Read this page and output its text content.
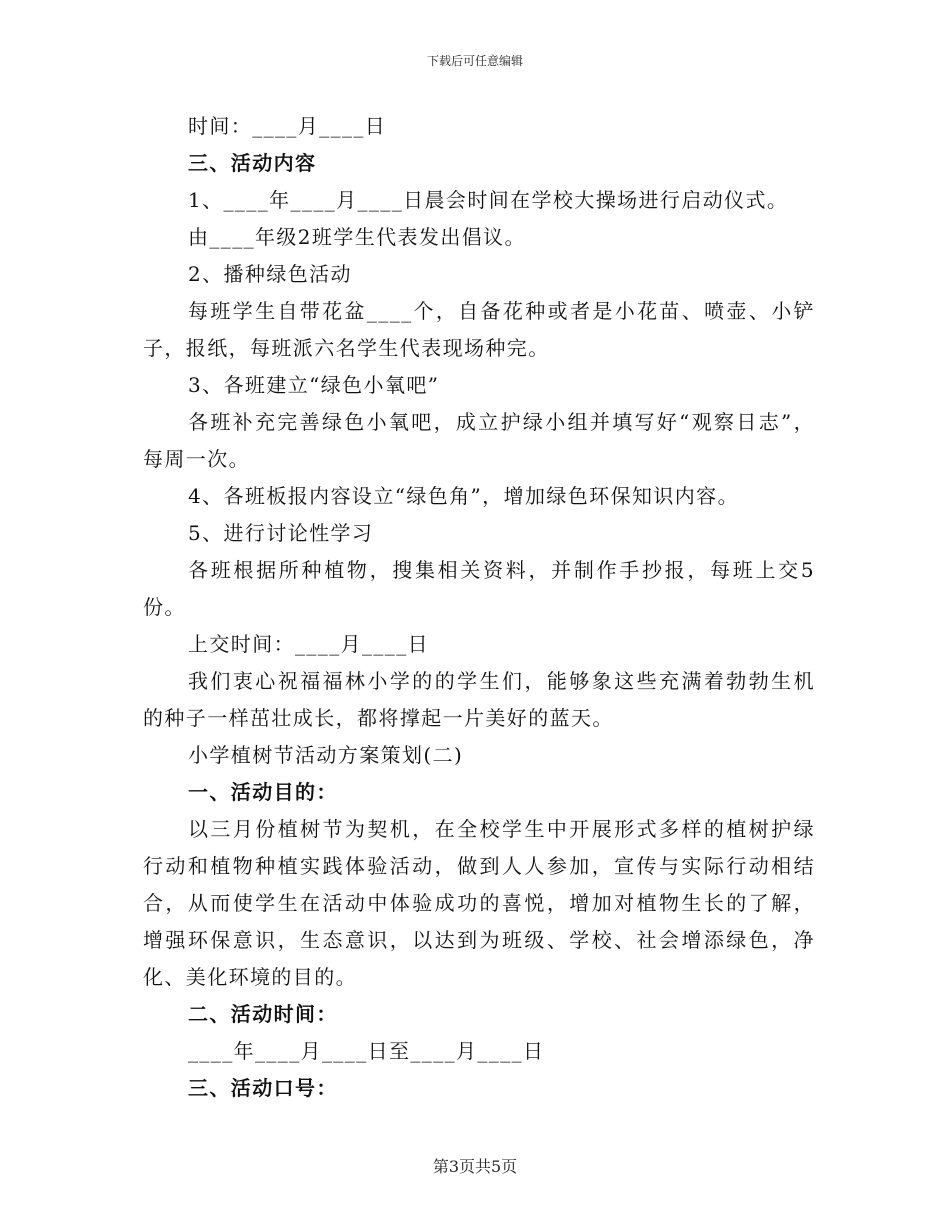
下载后可任意编辑
时间：____月____日
三、活动内容
1、____年____月____日晨会时间在学校大操场进行启动仪式。
由____年级2班学生代表发出倡议。
2、播种绿色活动
每班学生自带花盆____个，自备花种或者是小花苗、喷壶、小铲
子，报纸，每班派六名学生代表现场种完。
3、各班建立“绿色小氧吧”
各班补充完善绿色小氧吧，成立护绿小组并填写好“观察日志”，
每周一次。
4、各班板报内容设立“绿色角”，增加绿色环保知识内容。
5、进行讨论性学习
各班根据所种植物，搜集相关资料，并制作手抄报，每班上交5
份。
上交时间：____月____日
我们衷心祝福福林小学的的学生们，能够象这些充满着勃勃生机
的种子一样茁壮成长，都将撑起一片美好的蓝天。
小学植树节活动方案策划(二)
一、活动目的：
以三月份植树节为契机，在全校学生中开展形式多样的植树护绿
行动和植物种植实践体验活动，做到人人参加，宣传与实际行动相结
合，从而使学生在活动中体验成功的喜悦，增加对植物生长的了解，
增强环保意识，生态意识，以达到为班级、学校、社会增添绿色，净
化、美化环境的目的。
二、活动时间：
____年____月____日至____月____日
三、活动口号：
第3页共5页
